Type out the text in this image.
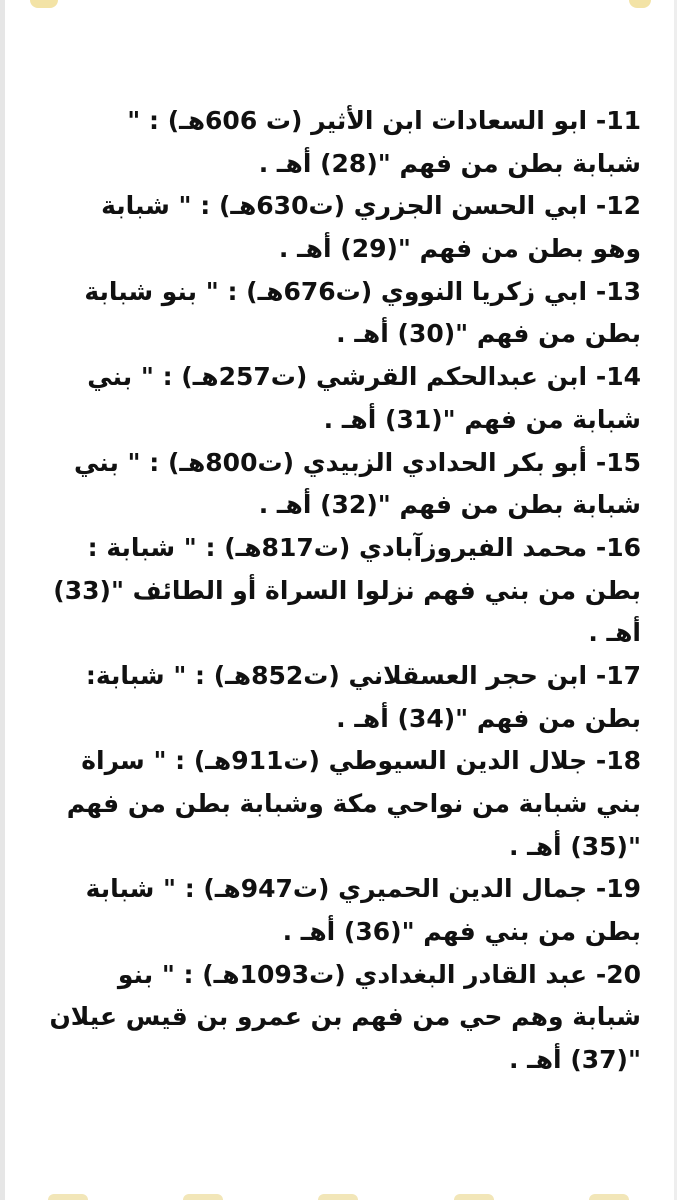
11- ابو السعادات ابن الأثير (ت 606هـ) : "
شبابة بطن من فهم "(28) أهـ .
12- ابي الحسن الجزري (ت630هـ) : " شبابة
وهو بطن من فهم "(29) أهـ .
13- ابي زكريا النووي (ت676هـ) : " بنو شبابة
بطن من فهم "(30) أهـ .
14- ابن عبدالحكم القرشي (ت257هـ) : " بني
شبابة من فهم "(31) أهـ .
15- أبو بكر الحدادي الزبيدي (ت800هـ) : " بني
شبابة بطن من فهم "(32) أهـ .
16- محمد الفيروزآبادي (ت817هـ) : " شبابة :
بطن من بني فهم نزلوا السراة أو الطائف "(33)
أهـ .
17- ابن حجر العسقلاني (ت852هـ) : " شبابة:
بطن من فهم "(34) أهـ .
18- جلال الدين السيوطي (ت911هـ) : " سراة
بني شبابة من نواحي مكة وشبابة بطن من فهم
"(35) أهـ .
19- جمال الدين الحميري (ت947هـ) : " شبابة
بطن من بني فهم "(36) أهـ .
20- عبد القادر البغدادي (ت1093هـ) : " بنو
شبابة وهم حي من فهم بن عمرو بن قيس عيلان
"(37) أهـ .
